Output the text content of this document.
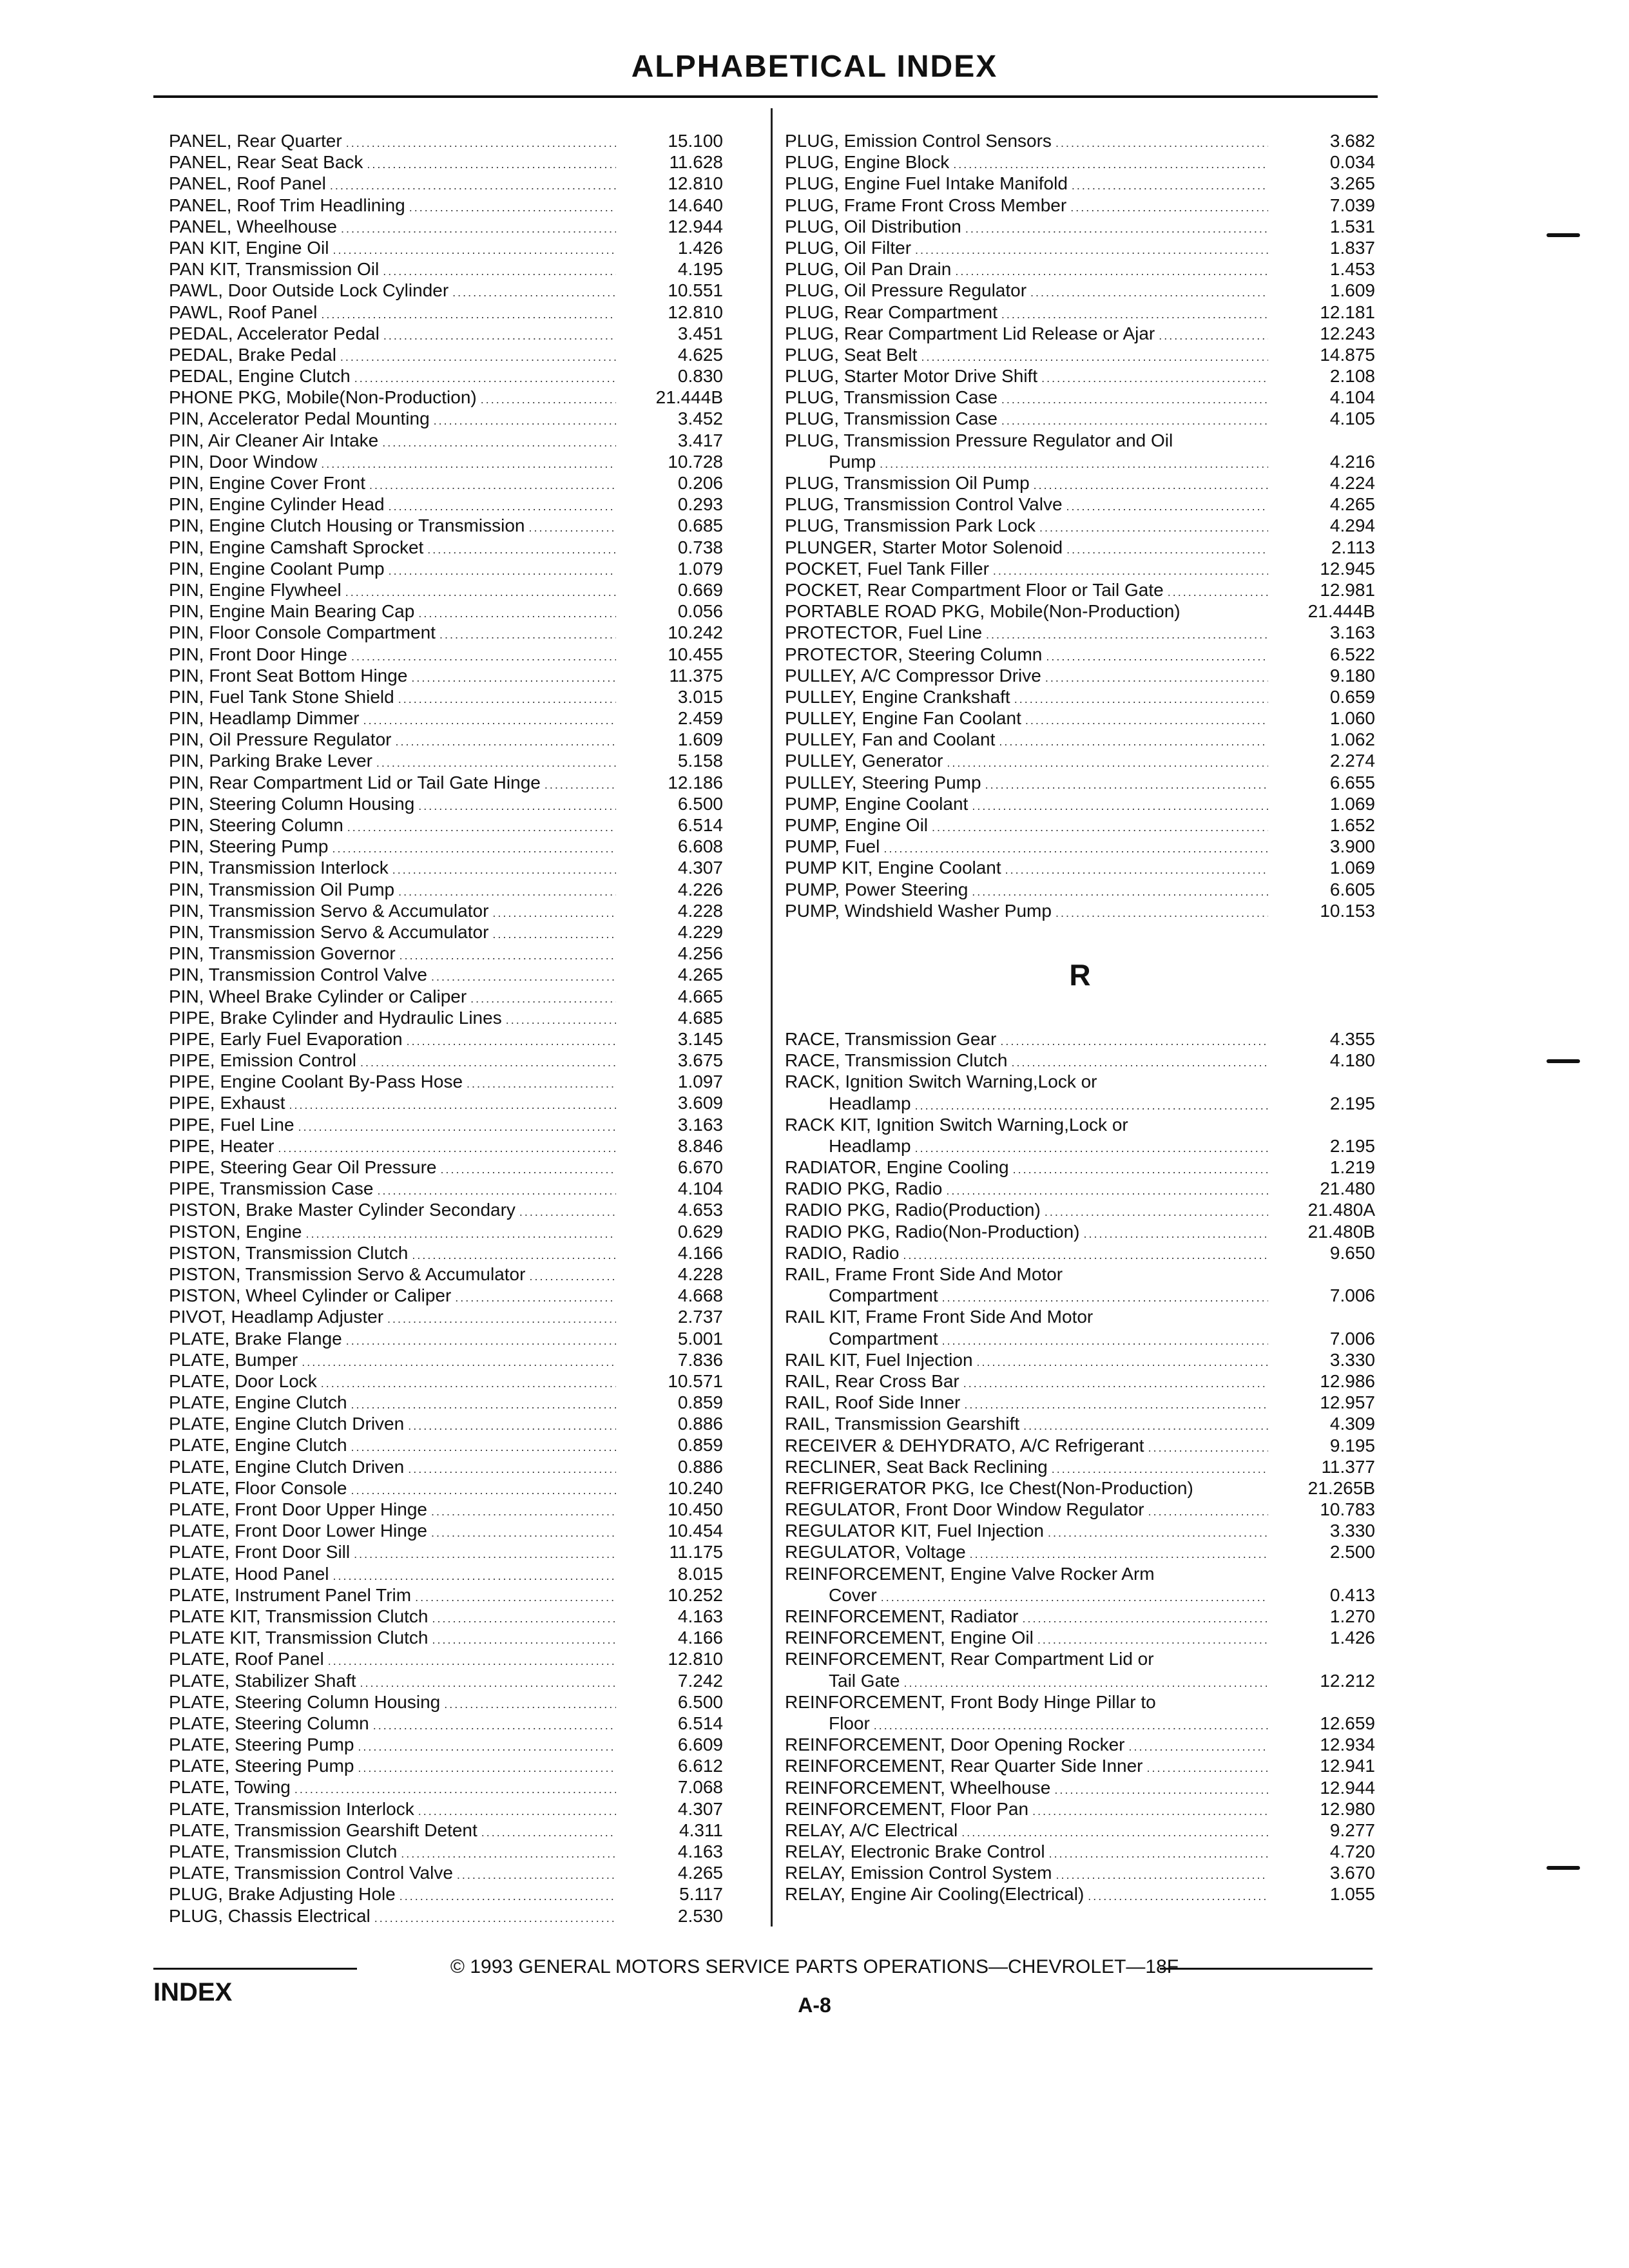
ALPHABETICAL INDEX
PANEL, Rear Quarter .....	15.100
PANEL, Rear Seat Back .....	11.628
PANEL, Roof Panel .....	12.810
PANEL, Roof Trim Headlining .....	14.640
PANEL, Wheelhouse .....	12.944
PAN KIT, Engine Oil .....	1.426
PAN KIT, Transmission Oil .....	4.195
PAWL, Door Outside Lock Cylinder .....	10.551
PAWL, Roof Panel .....	12.810
PEDAL, Accelerator Pedal .....	3.451
PEDAL, Brake Pedal .....	4.625
PEDAL, Engine Clutch .....	0.830
PHONE PKG, Mobile(Non-Production) .....	21.444B
PIN, Accelerator Pedal Mounting .....	3.452
PIN, Air Cleaner Air Intake .....	3.417
PIN, Door Window .....	10.728
PIN, Engine Cover Front .....	0.206
PIN, Engine Cylinder Head .....	0.293
PIN, Engine Clutch Housing or Transmission .....	0.685
PIN, Engine Camshaft Sprocket .....	0.738
PIN, Engine Coolant Pump .....	1.079
PIN, Engine Flywheel .....	0.669
PIN, Engine Main Bearing Cap .....	0.056
PIN, Floor Console Compartment .....	10.242
PIN, Front Door Hinge .....	10.455
PIN, Front Seat Bottom Hinge .....	11.375
PIN, Fuel Tank Stone Shield .....	3.015
PIN, Headlamp Dimmer .....	2.459
PIN, Oil Pressure Regulator .....	1.609
PIN, Parking Brake Lever .....	5.158
PIN, Rear Compartment Lid or Tail Gate Hinge .....	12.186
PIN, Steering Column Housing .....	6.500
PIN, Steering Column .....	6.514
PIN, Steering Pump .....	6.608
PIN, Transmission Interlock .....	4.307
PIN, Transmission Oil Pump .....	4.226
PIN, Transmission Servo & Accumulator .....	4.228
PIN, Transmission Servo & Accumulator .....	4.229
PIN, Transmission Governor .....	4.256
PIN, Transmission Control Valve .....	4.265
PIN, Wheel Brake Cylinder or Caliper .....	4.665
PIPE, Brake Cylinder and Hydraulic Lines .....	4.685
PIPE, Early Fuel Evaporation .....	3.145
PIPE, Emission Control .....	3.675
PIPE, Engine Coolant By-Pass Hose .....	1.097
PIPE, Exhaust .....	3.609
PIPE, Fuel Line .....	3.163
PIPE, Heater .....	8.846
PIPE, Steering Gear Oil Pressure .....	6.670
PIPE, Transmission Case .....	4.104
PISTON, Brake Master Cylinder Secondary .....	4.653
PISTON, Engine .....	0.629
PISTON, Transmission Clutch .....	4.166
PISTON, Transmission Servo & Accumulator .....	4.228
PISTON, Wheel Cylinder or Caliper .....	4.668
PIVOT, Headlamp Adjuster .....	2.737
PLATE, Brake Flange .....	5.001
PLATE, Bumper .....	7.836
PLATE, Door Lock .....	10.571
PLATE, Engine Clutch .....	0.859
PLATE, Engine Clutch Driven .....	0.886
PLATE, Engine Clutch .....	0.859
PLATE, Engine Clutch Driven .....	0.886
PLATE, Floor Console .....	10.240
PLATE, Front Door Upper Hinge .....	10.450
PLATE, Front Door Lower Hinge .....	10.454
PLATE, Front Door Sill .....	11.175
PLATE, Hood Panel .....	8.015
PLATE, Instrument Panel Trim .....	10.252
PLATE KIT, Transmission Clutch .....	4.163
PLATE KIT, Transmission Clutch .....	4.166
PLATE, Roof Panel .....	12.810
PLATE, Stabilizer Shaft .....	7.242
PLATE, Steering Column Housing .....	6.500
PLATE, Steering Column .....	6.514
PLATE, Steering Pump .....	6.609
PLATE, Steering Pump .....	6.612
PLATE, Towing .....	7.068
PLATE, Transmission Interlock .....	4.307
PLATE, Transmission Gearshift Detent .....	4.311
PLATE, Transmission Clutch .....	4.163
PLATE, Transmission Control Valve .....	4.265
PLUG, Brake Adjusting Hole .....	5.117
PLUG, Chassis Electrical .....	2.530
PLUG, Emission Control Sensors .....	3.682
PLUG, Engine Block .....	0.034
PLUG, Engine Fuel Intake Manifold .....	3.265
PLUG, Frame Front Cross Member .....	7.039
PLUG, Oil Distribution .....	1.531
PLUG, Oil Filter .....	1.837
PLUG, Oil Pan Drain .....	1.453
PLUG, Oil Pressure Regulator .....	1.609
PLUG, Rear Compartment .....	12.181
PLUG, Rear Compartment Lid Release or Ajar .....	12.243
PLUG, Seat Belt .....	14.875
PLUG, Starter Motor Drive Shift .....	2.108
PLUG, Transmission Case .....	4.104
PLUG, Transmission Case .....	4.105
PLUG, Transmission Pressure Regulator and Oil
Pump .....	4.216
PLUG, Transmission Oil Pump .....	4.224
PLUG, Transmission Control Valve .....	4.265
PLUG, Transmission Park Lock .....	4.294
PLUNGER, Starter Motor Solenoid .....	2.113
POCKET, Fuel Tank Filler .....	12.945
POCKET, Rear Compartment Floor or Tail Gate .....	12.981
PORTABLE ROAD PKG, Mobile(Non-Production)	21.444B
PROTECTOR, Fuel Line .....	3.163
PROTECTOR, Steering Column .....	6.522
PULLEY, A/C Compressor Drive .....	9.180
PULLEY, Engine Crankshaft .....	0.659
PULLEY, Engine Fan Coolant .....	1.060
PULLEY, Fan and Coolant .....	1.062
PULLEY, Generator .....	2.274
PULLEY, Steering Pump .....	6.655
PUMP, Engine Coolant .....	1.069
PUMP, Engine Oil .....	1.652
PUMP, Fuel .....	3.900
PUMP KIT, Engine Coolant .....	1.069
PUMP, Power Steering .....	6.605
PUMP, Windshield Washer Pump .....	10.153
R
RACE, Transmission Gear .....	4.355
RACE, Transmission Clutch .....	4.180
RACK, Ignition Switch Warning,Lock or
Headlamp .....	2.195
RACK KIT, Ignition Switch Warning,Lock or
Headlamp .....	2.195
RADIATOR, Engine Cooling .....	1.219
RADIO PKG, Radio .....	21.480
RADIO PKG, Radio(Production) .....	21.480A
RADIO PKG, Radio(Non-Production) .....	21.480B
RADIO, Radio .....	9.650
RAIL, Frame Front Side And Motor
Compartment .....	7.006
RAIL KIT, Frame Front Side And Motor
Compartment .....	7.006
RAIL KIT, Fuel Injection .....	3.330
RAIL, Rear Cross Bar .....	12.986
RAIL, Roof Side Inner .....	12.957
RAIL, Transmission Gearshift .....	4.309
RECEIVER & DEHYDRATO, A/C Refrigerant .....	9.195
RECLINER, Seat Back Reclining .....	11.377
REFRIGERATOR PKG, Ice Chest(Non-Production)	21.265B
REGULATOR, Front Door Window Regulator .....	10.783
REGULATOR KIT, Fuel Injection .....	3.330
REGULATOR, Voltage .....	2.500
REINFORCEMENT, Engine Valve Rocker Arm
Cover .....	0.413
REINFORCEMENT, Radiator .....	1.270
REINFORCEMENT, Engine Oil .....	1.426
REINFORCEMENT, Rear Compartment Lid or
Tail Gate .....	12.212
REINFORCEMENT, Front Body Hinge Pillar to
Floor .....	12.659
REINFORCEMENT, Door Opening Rocker .....	12.934
REINFORCEMENT, Rear Quarter Side Inner .....	12.941
REINFORCEMENT, Wheelhouse .....	12.944
REINFORCEMENT, Floor Pan .....	12.980
RELAY, A/C Electrical .....	9.277
RELAY, Electronic Brake Control .....	4.720
RELAY, Emission Control System .....	3.670
RELAY, Engine Air Cooling(Electrical) .....	1.055
© 1993 GENERAL MOTORS SERVICE PARTS OPERATIONS—CHEVROLET—18F
INDEX	A-8
